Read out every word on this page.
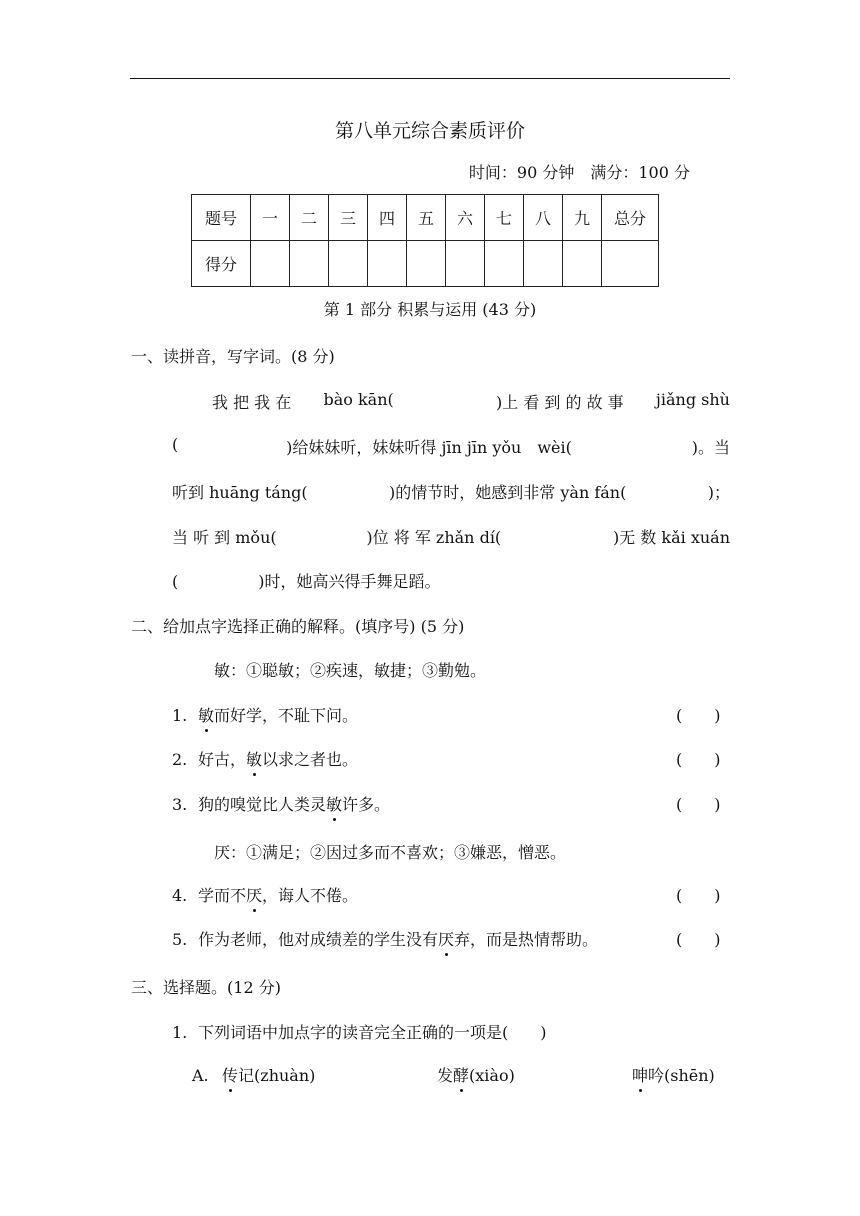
第八单元综合素质评价
时间：90 分钟　满分：100 分
题号	一	二	三	四	五	六	七	八	九	总分
得分										
第 1 部分 积累与运用 (43 分)
一、读拼音，写字词。(8 分)
我 把 我 在 bào kān(	)上 看 到 的 故 事 jiǎng shù
(	)给妹妹听，妹妹听得 jīn jīn yǒu　wèi(	)。当
听到 huāng táng(	)的情节时，她感到非常 yàn fán(	)；
当 听 到 mǒu(	)位 将 军 zhǎn dí(	)无 数 kǎi xuán
(	)时，她高兴得手舞足蹈。
二、给加点字选择正确的解释。(填序号) (5 分)
敏：①聪敏；②疾速，敏捷；③勤勉。
1. 敏而好学，不耻下问。	(　　)
2. 好古，敏以求之者也。	(　　)
3. 狗的嗅觉比人类灵敏许多。	(　　)
厌：①满足；②因过多而不喜欢；③嫌恶，憎恶。
4. 学而不厌，诲人不倦。	(　　)
5. 作为老师，他对成绩差的学生没有厌弃，而是热情帮助。	(　　)
三、选择题。(12 分)
1. 下列词语中加点字的读音完全正确的一项是(　　)
A. 传记(zhuàn)	发酵(xiào)	呻吟(shēn)
